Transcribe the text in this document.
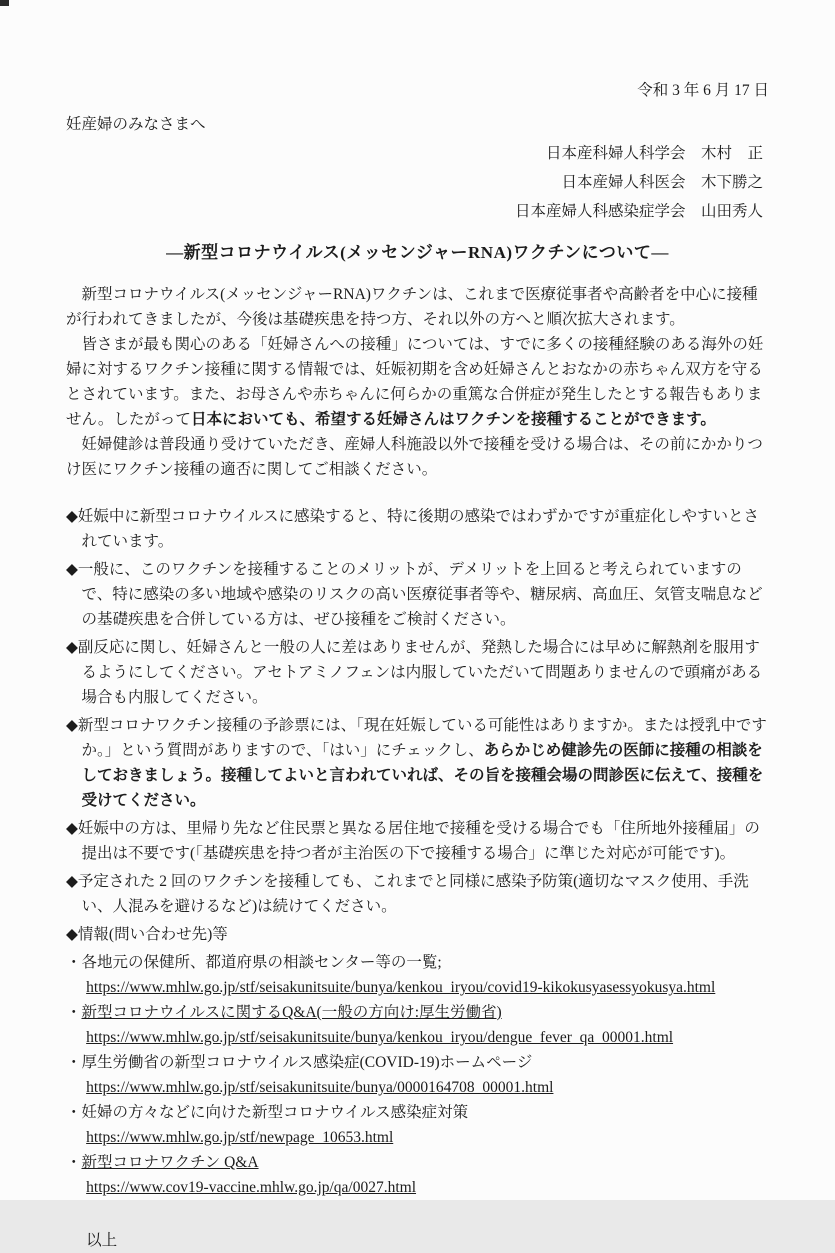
令和 3 年 6 月 17 日
妊産婦のみなさまへ
日本産科婦人科学会　木村　正
日本産婦人科医会　木下勝之
日本産婦人科感染症学会　山田秀人
―新型コロナウイルス(メッセンジャーRNA)ワクチンについて―

新型コロナウイルス(メッセンジャーRNA)ワクチンは、これまで医療従事者や高齢者を中心に接種が行われてきましたが、今後は基礎疾患を持つ方、それ以外の方へと順次拡大されます。

皆さまが最も関心のある「妊婦さんへの接種」については、すでに多くの接種経験のある海外の妊婦に対するワクチン接種に関する情報では、妊娠初期を含め妊婦さんとおなかの赤ちゃん双方を守るとされています。また、お母さんや赤ちゃんに何らかの重篤な合併症が発生したとする報告もありません。したがって日本においても、希望する妊婦さんはワクチンを接種することができます。

妊婦健診は普段通り受けていただき、産婦人科施設以外で接種を受ける場合は、その前にかかりつけ医にワクチン接種の適否に関してご相談ください。

◆妊娠中に新型コロナウイルスに感染すると、特に後期の感染ではわずかですが重症化しやすいとされています。
◆一般に、このワクチンを接種することのメリットが、デメリットを上回ると考えられていますので、特に感染の多い地域や感染のリスクの高い医療従事者等や、糖尿病、高血圧、気管支喘息などの基礎疾患を合併している方は、ぜひ接種をご検討ください。
◆副反応に関し、妊婦さんと一般の人に差はありませんが、発熱した場合には早めに解熱剤を服用するようにしてください。アセトアミノフェンは内服していただいて問題ありませんので頭痛がある場合も内服してください。
◆新型コロナワクチン接種の予診票には、「現在妊娠している可能性はありますか。または授乳中ですか。」という質問がありますので、「はい」にチェックし、あらかじめ健診先の医師に接種の相談をしておきましょう。接種してよいと言われていれば、その旨を接種会場の問診医に伝えて、接種を受けてください。
◆妊娠中の方は、里帰り先など住民票と異なる居住地で接種を受ける場合でも「住所地外接種届」の提出は不要です(「基礎疾患を持つ者が主治医の下で接種する場合」に準じた対応が可能です)。
◆予定された 2 回のワクチンを接種しても、これまでと同様に感染予防策(適切なマスク使用、手洗い、人混みを避けるなど)は続けてください。
◆情報(問い合わせ先)等
・各地元の保健所、都道府県の相談センター等の一覧;
https://www.mhlw.go.jp/stf/seisakunitsuite/bunya/kenkou_iryou/covid19-kikokusyasessyokusya.html
・新型コロナウイルスに関するQ&A(一般の方向け:厚生労働省)
https://www.mhlw.go.jp/stf/seisakunitsuite/bunya/kenkou_iryou/dengue_fever_qa_00001.html
・厚生労働省の新型コロナウイルス感染症(COVID-19)ホームページ
https://www.mhlw.go.jp/stf/seisakunitsuite/bunya/0000164708_00001.html
・妊婦の方々などに向けた新型コロナウイルス感染症対策
https://www.mhlw.go.jp/stf/newpage_10653.html
・新型コロナワクチン Q&A
https://www.cov19-vaccine.mhlw.go.jp/qa/0027.html
以上
